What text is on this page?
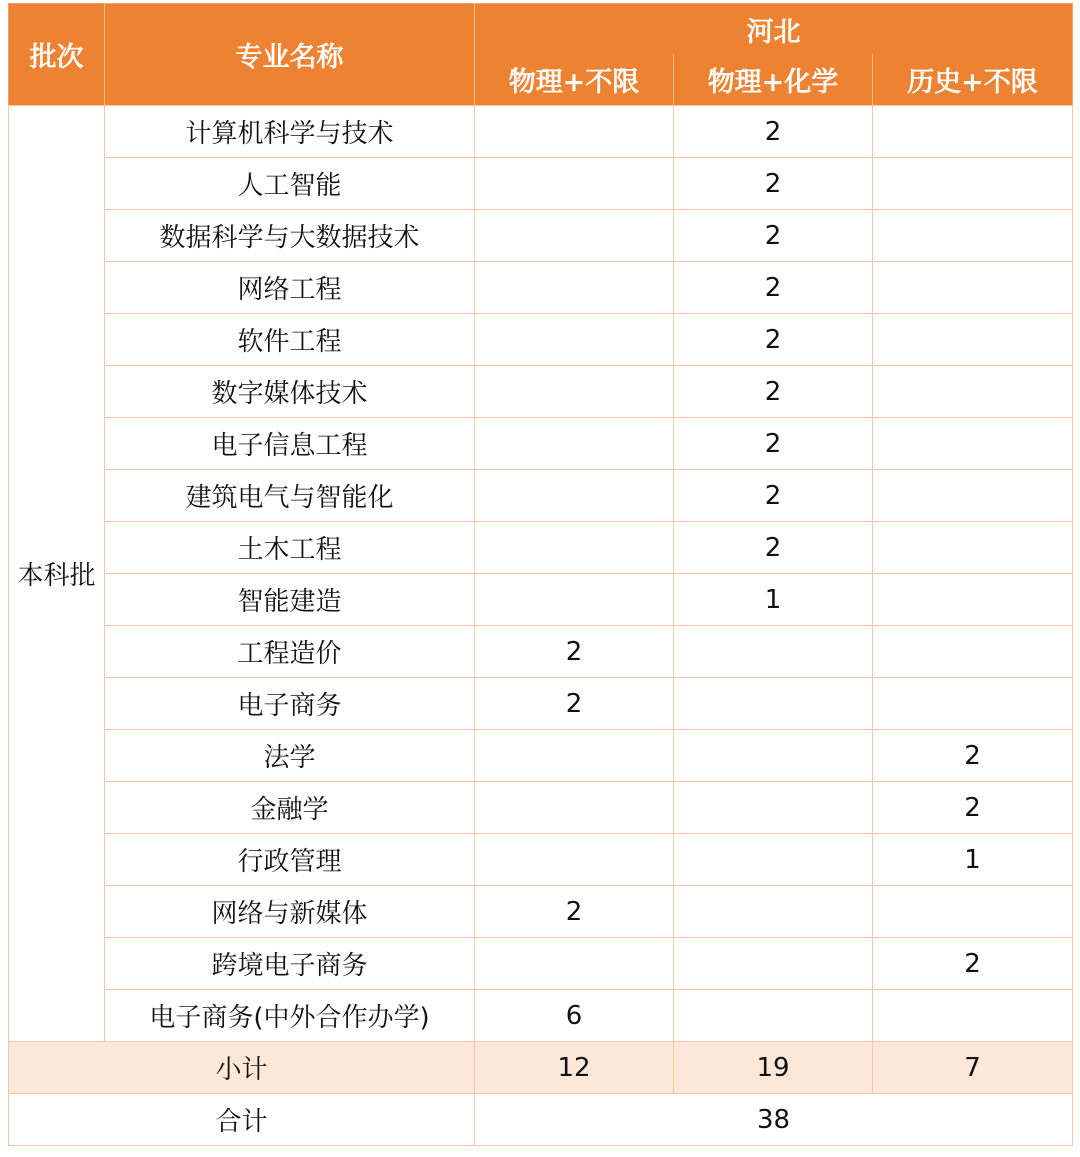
批次	专业名称	河北		
		物理+不限	物理+化学	历史+不限
本科批	计算机科学与技术		2	
	人工智能		2	
	数据科学与大数据技术		2	
	网络工程		2	
	软件工程		2	
	数字媒体技术		2	
	电子信息工程		2	
	建筑电气与智能化		2	
	土木工程		2	
	智能建造		1	
	工程造价	2		
	电子商务	2		
	法学			2
	金融学			2
	行政管理			1
	网络与新媒体	2		
	跨境电子商务			2
	电子商务(中外合作办学)	6		
小计		12	19	7
合计		38		
